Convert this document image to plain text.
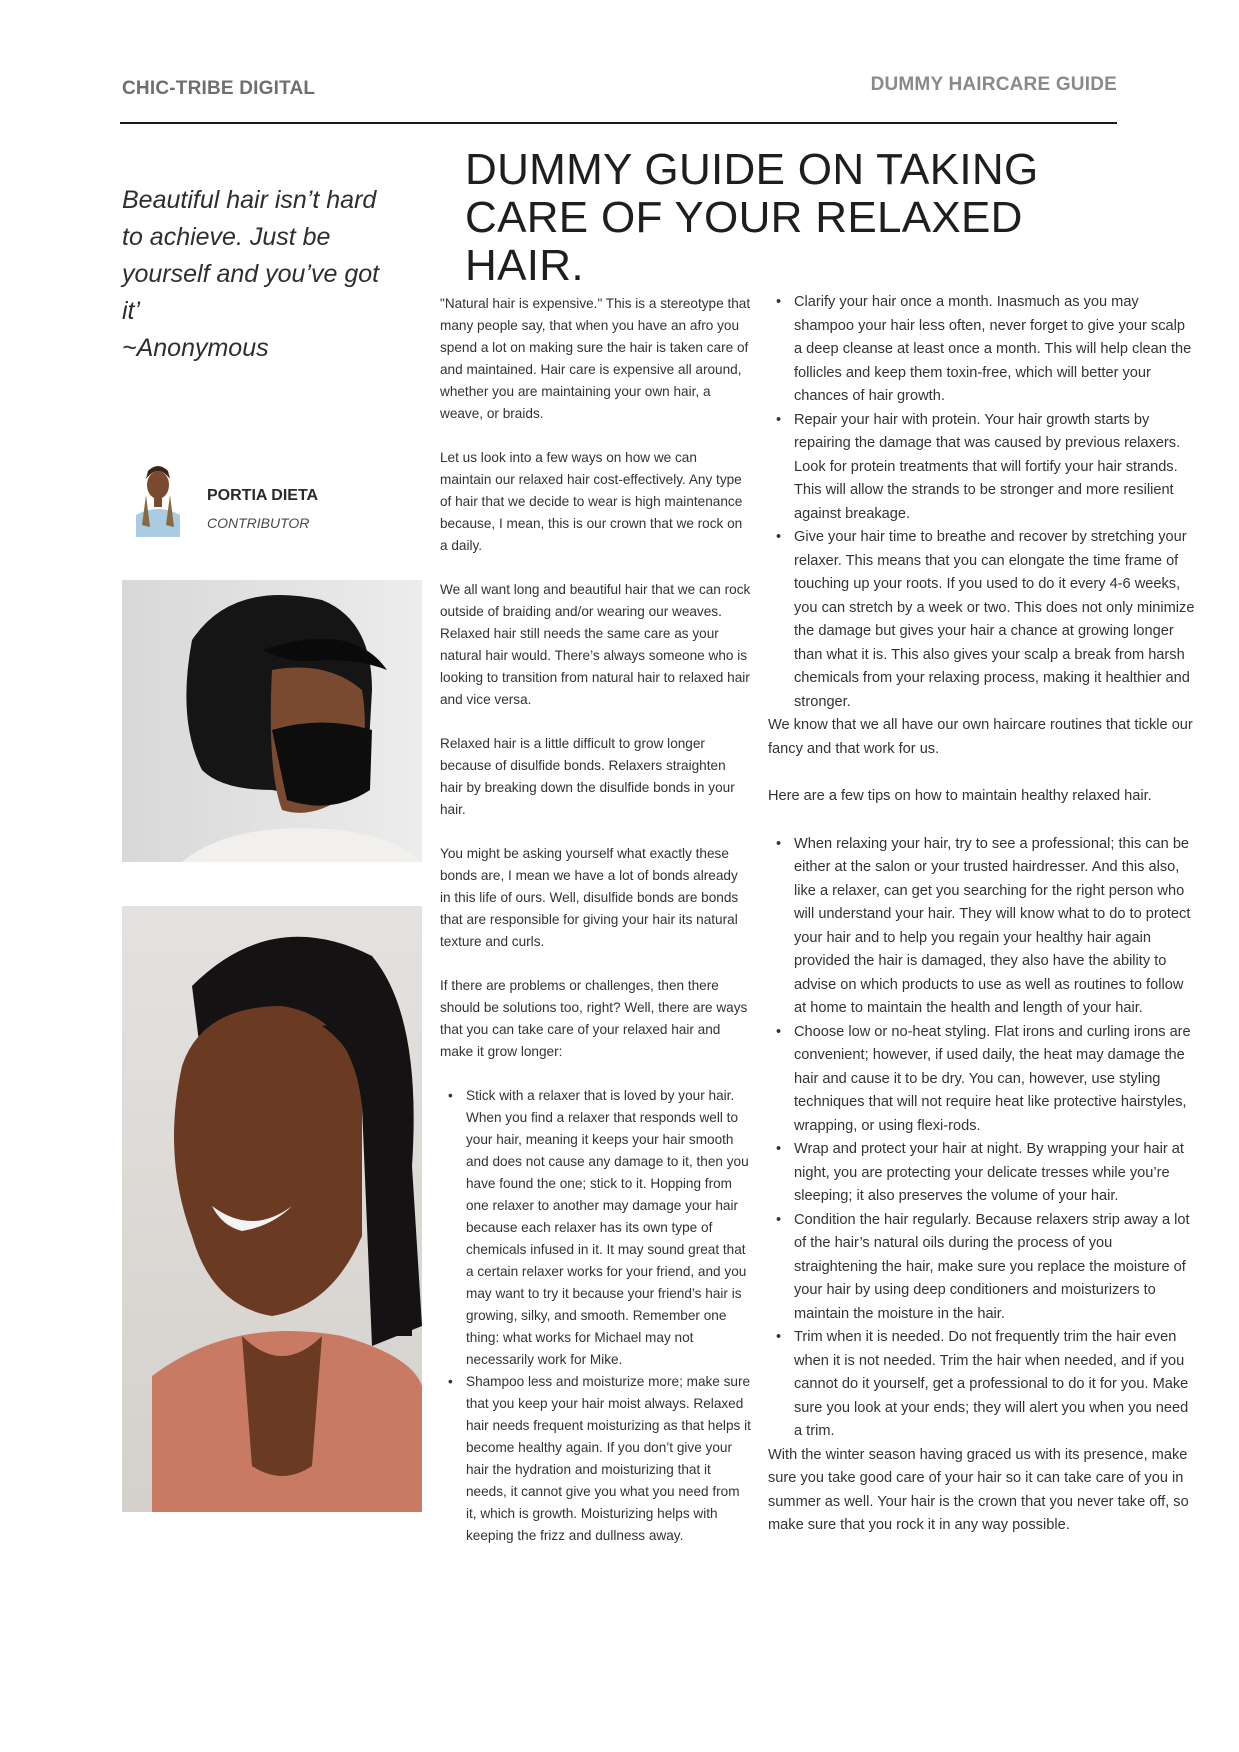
CHIC-TRIBE DIGITAL	DUMMY HAIRCARE GUIDE
DUMMY GUIDE ON TAKING CARE OF YOUR RELAXED HAIR.
Beautiful hair isn’t hard
to achieve. Just be
yourself and you’ve got
it’
~Anonymous
PORTIA DIETA
CONTRIBUTOR

"Natural hair is expensive." This is a stereotype that many people say, that when you have an afro you spend a lot on making sure the hair is taken care of and maintained. Hair care is expensive all around, whether you are maintaining your own hair, a weave, or braids.

Let us look into a few ways on how we can maintain our relaxed hair cost-effectively. Any type of hair that we decide to wear is high maintenance because, I mean, this is our crown that we rock on a daily.

We all want long and beautiful hair that we can rock outside of braiding and/or wearing our weaves. Relaxed hair still needs the same care as your natural hair would. There’s always someone who is looking to transition from natural hair to relaxed hair and vice versa.

Relaxed hair is a little difficult to grow longer because of disulfide bonds. Relaxers straighten hair by breaking down the disulfide bonds in your hair.

You might be asking yourself what exactly these bonds are, I mean we have a lot of bonds already in this life of ours. Well, disulfide bonds are bonds that are responsible for giving your hair its natural texture and curls.

If there are problems or challenges, then there should be solutions too, right? Well, there are ways that you can take care of your relaxed hair and make it grow longer:

• Stick with a relaxer that is loved by your hair. When you find a relaxer that responds well to your hair, meaning it keeps your hair smooth and does not cause any damage to it, then you have found the one; stick to it. Hopping from one relaxer to another may damage your hair because each relaxer has its own type of chemicals infused in it. It may sound great that a certain relaxer works for your friend, and you may want to try it because your friend’s hair is growing, silky, and smooth. Remember one thing: what works for Michael may not necessarily work for Mike.
• Shampoo less and moisturize more; make sure that you keep your hair moist always. Relaxed hair needs frequent moisturizing as that helps it become healthy again. If you don’t give your hair the hydration and moisturizing that it needs, it cannot give you what you need from it, which is growth. Moisturizing helps with keeping the frizz and dullness away.
• Clarify your hair once a month. Inasmuch as you may shampoo your hair less often, never forget to give your scalp a deep cleanse at least once a month. This will help clean the follicles and keep them toxin-free, which will better your chances of hair growth.
• Repair your hair with protein. Your hair growth starts by repairing the damage that was caused by previous relaxers. Look for protein treatments that will fortify your hair strands. This will allow the strands to be stronger and more resilient against breakage.
• Give your hair time to breathe and recover by stretching your relaxer. This means that you can elongate the time frame of touching up your roots. If you used to do it every 4-6 weeks, you can stretch by a week or two. This does not only minimize the damage but gives your hair a chance at growing longer than what it is. This also gives your scalp a break from harsh chemicals from your relaxing process, making it healthier and stronger.

We know that we all have our own haircare routines that tickle our fancy and that work for us.

Here are a few tips on how to maintain healthy relaxed hair.

• When relaxing your hair, try to see a professional; this can be either at the salon or your trusted hairdresser. And this also, like a relaxer, can get you searching for the right person who will understand your hair. They will know what to do to protect your hair and to help you regain your healthy hair again provided the hair is damaged, they also have the ability to advise on which products to use as well as routines to follow at home to maintain the health and length of your hair.
• Choose low or no-heat styling. Flat irons and curling irons are convenient; however, if used daily, the heat may damage the hair and cause it to be dry. You can, however, use styling techniques that will not require heat like protective hairstyles, wrapping, or using flexi-rods.
• Wrap and protect your hair at night. By wrapping your hair at night, you are protecting your delicate tresses while you’re sleeping; it also preserves the volume of your hair.
• Condition the hair regularly. Because relaxers strip away a lot of the hair’s natural oils during the process of you straightening the hair, make sure you replace the moisture of your hair by using deep conditioners and moisturizers to maintain the moisture in the hair.
• Trim when it is needed. Do not frequently trim the hair even when it is not needed. Trim the hair when needed, and if you cannot do it yourself, get a professional to do it for you. Make sure you look at your ends; they will alert you when you need a trim.

With the winter season having graced us with its presence, make sure you take good care of your hair so it can take care of you in summer as well. Your hair is the crown that you never take off, so make sure that you rock it in any way possible.
